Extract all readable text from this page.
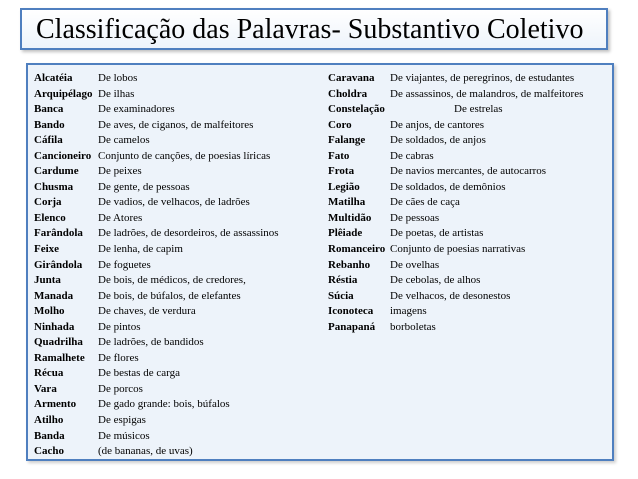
Classificação das Palavras- Substantivo Coletivo
Alcatéia De lobos
Arquipélago De ilhas
Banca	De examinadores
Bando	De aves, de ciganos, de malfeitores
Cáfila	De camelos
Cancioneiro Conjunto de canções, de poesias líricas
Cardume De peixes
Chusma De gente, de pessoas
Corja	De vadios, de velhacos, de ladrões
Elenco	De Atores
Farândola De ladrões, de desordeiros, de assassinos
Feixe	De lenha, de capim
Girândola De foguetes
Junta	De bois, de médicos, de credores,
Manada De bois, de búfalos, de elefantes
Molho	De chaves, de verdura
Ninhada De pintos
Quadrilha De ladrões, de bandidos
Ramalhete De flores
Récua	De bestas de carga
Vara	De porcos
Armento De gado grande: bois, búfalos
Atilho	De espigas
Banda	De músicos
Cacho	(de bananas, de uvas)
Caravana De viajantes, de peregrinos, de estudantes
Choldra De assassinos, de malandros, de malfeitores
Constelação	De estrelas
Coro	De anjos, de cantores
Falange De soldados, de anjos
Fato	De cabras
Frota	De navios mercantes, de autocarros
Legião	De soldados, de demônios
Matilha De cães de caça
Multidão De pessoas
Plêiade	De poetas, de artistas
Romanceiro Conjunto de poesias narrativas
Rebanho De ovelhas
Réstia	De cebolas, de alhos
Súcia	De velhacos, de desonestos
Iconoteca imagens
Panapaná borboletas
